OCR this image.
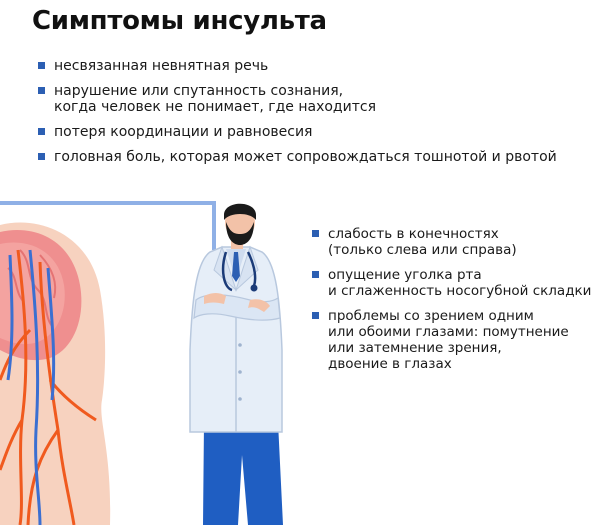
Симптомы инсульта
несвязанная невнятная речь
нарушение или спутанность сознания,
когда человек не понимает, где находится
потеря координации и равновесия
головная боль, которая может сопровождаться тошнотой и рвотой
слабость в конечностях
(только слева или справа)
опущение уголка рта
и сглаженность носогубной складки
проблемы со зрением одним
или обоими глазами: помутнение
или затемнение зрения,
двоение в глазах
